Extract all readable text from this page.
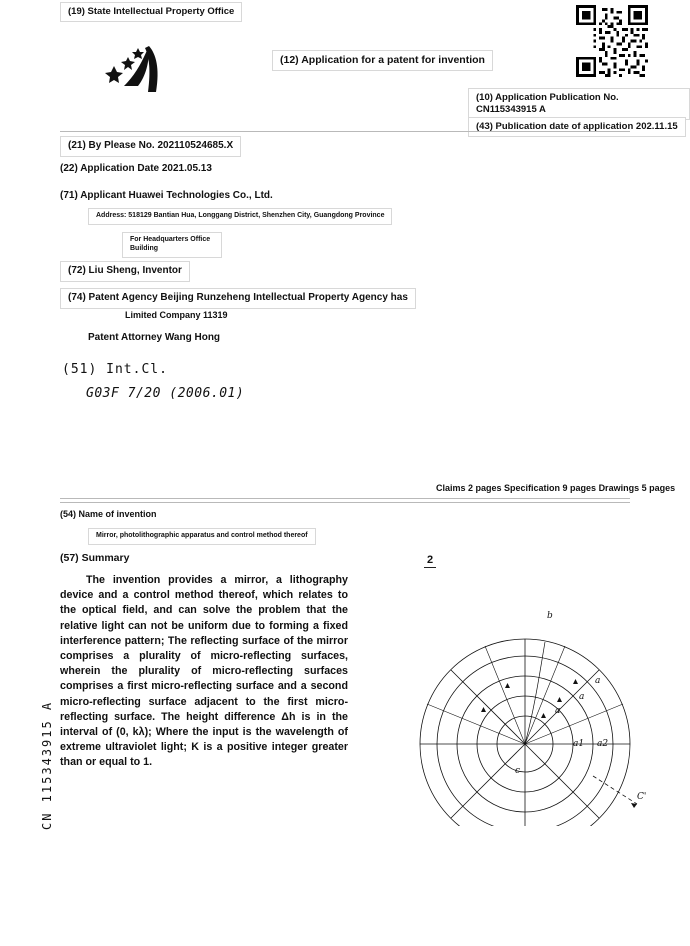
(19) State Intellectual Property Office
(12) Application for a patent for invention
(10) Application Publication No. CN115343915 A
(43) Publication date of application 202.11.15
(21) By Please No. 202110524685.X
(22) Application Date 2021.05.13
(71) Applicant Huawei Technologies Co., Ltd.
Address: 518129 Bantian Hua, Longgang District, Shenzhen City, Guangdong Province
For Headquarters Office Building
(72) Liu Sheng, Inventor
(74) Patent Agency Beijing Runzeheng Intellectual Property Agency has
Limited Company 11319
Patent Attorney Wang Hong
(51) Int.Cl.
G03F 7/20 (2006.01)
Claims 2 pages Specification 9 pages Drawings 5 pages
(54) Name of invention
Mirror, photolithographic apparatus and control method thereof
(57) Summary	2
The invention provides a mirror, a lithography device and a control method thereof, which relates to the optical field, and can solve the problem that the relative light can not be uniform due to forming a fixed interference pattern; The reflecting surface of the mirror comprises a plurality of micro-reflecting surfaces, wherein the plurality of micro-reflecting surfaces comprises a first micro-reflecting surface and a second micro-reflecting surface adjacent to the first micro-reflecting surface. The height difference Δh is in the interval of (0, kλ); Where the input is the wavelength of extreme ultraviolet light; K is a positive integer greater than or equal to 1.
CN 115343915 A
b
a
a
a
c
a1 a2
C'
